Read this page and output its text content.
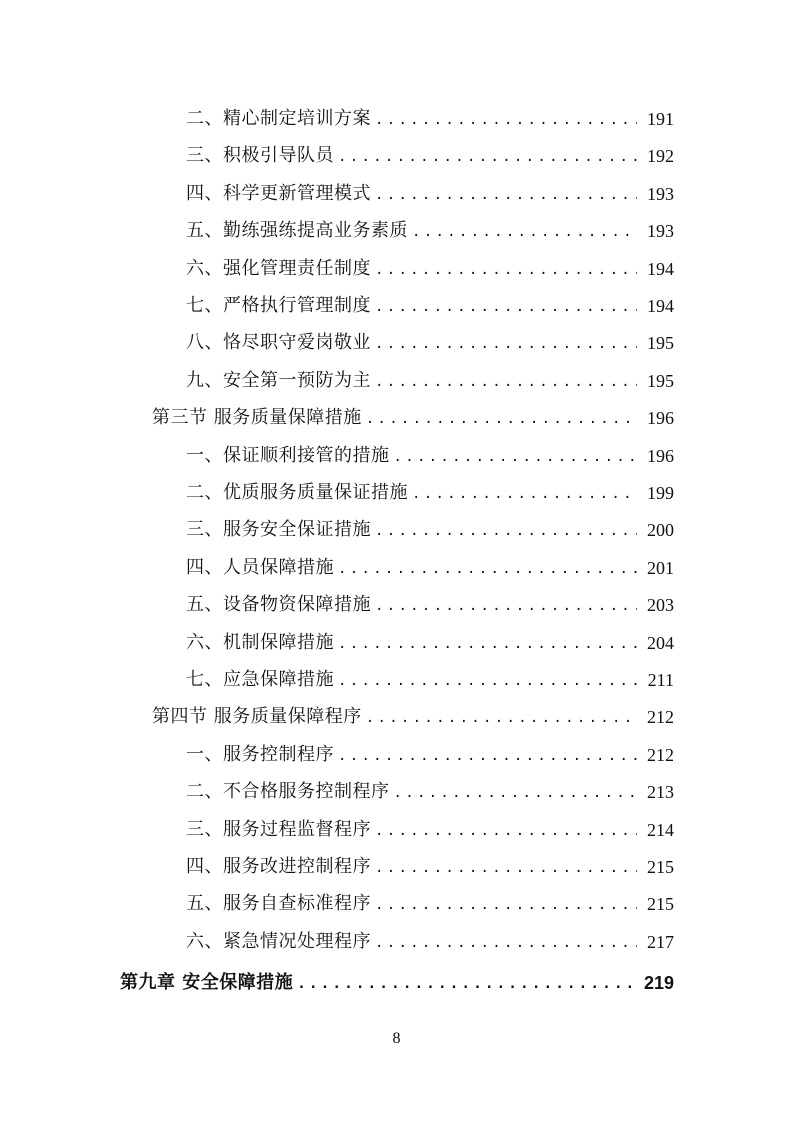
二、精心制定培训方案 .....	191
三、积极引导队员 .....	192
四、科学更新管理模式 .....	193
五、勤练强练提高业务素质 .....	193
六、强化管理责任制度 .....	194
七、严格执行管理制度 .....	194
八、恪尽职守爱岗敬业 .....	195
九、安全第一预防为主 .....	195
第三节 服务质量保障措施 .....	196
一、保证顺利接管的措施 .....	196
二、优质服务质量保证措施 .....	199
三、服务安全保证措施 .....	200
四、人员保障措施 .....	201
五、设备物资保障措施 .....	203
六、机制保障措施 .....	204
七、应急保障措施 .....	211
第四节 服务质量保障程序 .....	212
一、服务控制程序 .....	212
二、不合格服务控制程序 .....	213
三、服务过程监督程序 .....	214
四、服务改进控制程序 .....	215
五、服务自查标准程序 .....	215
六、紧急情况处理程序 .....	217
第九章 安全保障措施 .....	219
8
